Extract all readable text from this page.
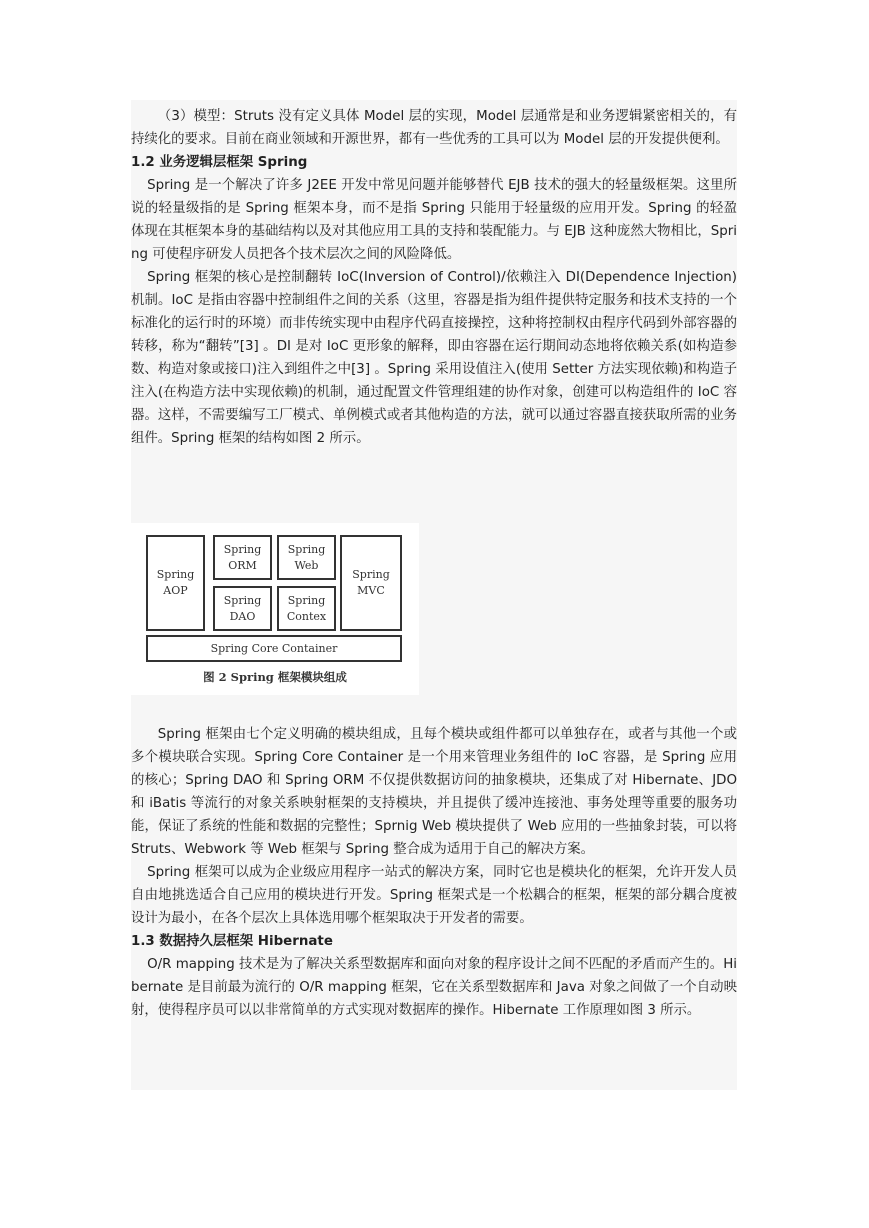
（3）模型：Struts 没有定义具体 Model 层的实现，Model 层通常是和业务逻辑紧密相关的，有持续化的要求。目前在商业领域和开源世界，都有一些优秀的工具可以为 Model 层的开发提供便利。

1.2 业务逻辑层框架 Spring

Spring 是一个解决了许多 J2EE 开发中常见问题并能够替代 EJB 技术的强大的轻量级框架。这里所说的轻量级指的是 Spring 框架本身，而不是指 Spring 只能用于轻量级的应用开发。Spring 的轻盈体现在其框架本身的基础结构以及对其他应用工具的支持和装配能力。与 EJB 这种庞然大物相比，Spring 可使程序研发人员把各个技术层次之间的风险降低。

Spring 框架的核心是控制翻转 IoC(Inversion of Control)/依赖注入 DI(Dependence Injection)机制。IoC 是指由容器中控制组件之间的关系（这里，容器是指为组件提供特定服务和技术支持的一个标准化的运行时的环境）而非传统实现中由程序代码直接操控，这种将控制权由程序代码到外部容器的转移，称为“翻转”[3] 。DI 是对 IoC 更形象的解释，即由容器在运行期间动态地将依赖关系(如构造参数、构造对象或接口)注入到组件之中[3] 。Spring 采用设值注入(使用 Setter 方法实现依赖)和构造子注入(在构造方法中实现依赖)的机制，通过配置文件管理组建的协作对象，创建可以构造组件的 IoC 容器。这样，不需要编写工厂模式、单例模式或者其他构造的方法，就可以通过容器直接获取所需的业务组件。Spring 框架的结构如图 2 所示。

Spring
AOP
Spring
ORM
Spring
Web
Spring
MVC
Spring
DAO
Spring
Contex
Spring Core Container
图 2 Spring 框架模块组成

Spring 框架由七个定义明确的模块组成，且每个模块或组件都可以单独存在，或者与其他一个或多个模块联合实现。Spring Core Container 是一个用来管理业务组件的 IoC 容器，是 Spring 应用的核心；Spring DAO 和 Spring ORM 不仅提供数据访问的抽象模块，还集成了对 Hibernate、JDO 和 iBatis 等流行的对象关系映射框架的支持模块，并且提供了缓冲连接池、事务处理等重要的服务功能，保证了系统的性能和数据的完整性；Sprnig Web 模块提供了 Web 应用的一些抽象封装，可以将 Struts、Webwork 等 Web 框架与 Spring 整合成为适用于自己的解决方案。

Spring 框架可以成为企业级应用程序一站式的解决方案，同时它也是模块化的框架，允许开发人员自由地挑选适合自己应用的模块进行开发。Spring 框架式是一个松耦合的框架，框架的部分耦合度被设计为最小，在各个层次上具体选用哪个框架取决于开发者的需要。

1.3 数据持久层框架 Hibernate

O/R mapping 技术是为了解决关系型数据库和面向对象的程序设计之间不匹配的矛盾而产生的。Hibernate 是目前最为流行的 O/R mapping 框架，它在关系型数据库和 Java 对象之间做了一个自动映射，使得程序员可以以非常简单的方式实现对数据库的操作。Hibernate 工作原理如图 3 所示。
